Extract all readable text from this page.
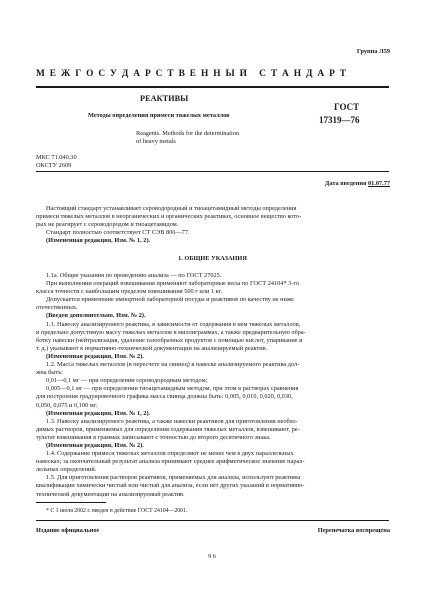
Группа Л59
М Е Ж Г О С У Д А Р С Т В Е Н Н Ы Й   С Т А Н Д А Р Т
РЕАКТИВЫ
Методы определения примеси тяжелых металлов
ГОСТ
17319—76
Reagents. Methods for the determination
of heavy metals
МКС 71.040.30
ОКСТУ 2609
Дата введения 01.07.77
Настоящий стандарт устанавливает сероводородный и тиоацетамидный методы определения
примеси тяжелых металлов в неорганических и органических реактивах, основное вещество кото-
рых не реагирует с сероводородом и тиоацетамидом.
Стандарт полностью соответствует СТ СЭВ 806—77.
(Измененная редакция, Изм. № 1, 2).
1. ОБЩИЕ УКАЗАНИЯ
1.1a. Общие указания по проведению анализа — по ГОСТ 27025.
При выполнении операций взвешивания применяют лабораторные весы по ГОСТ 24104* 3-го
класса точности с наибольшим пределом взвешивания 500 г или 1 кг.
Допускается применение импортной лабораторной посуды и реактивов по качеству не ниже
отечественных.
(Введен дополнительно, Изм. № 2).
1.1. Навеску анализируемого реактива, в зависимости от содержания в нем тяжелых металлов,
и предельно допустимую массу тяжелых металлов в миллиграммах, а также предварительную обра-
ботку навески (нейтрализация, удаление газообразных продуктов с помощью кислот, упаривание и
т. д.) указывают в нормативно-технической документации на анализируемый реактив.
(Измененная редакция, Изм. № 2).
1.2. Масса тяжелых металлов (в пересчете на свинец) в навеске анализируемого реактива дол-
жна быть:
0,01—0,1 мг — при определении сероводородным методом;
0,005—0,1 мг — при определении тиоацетамидным методом, при этом в растворах сравнения
для построения градуировочного графика масса свинца должна быть: 0,005, 0,010, 0,020, 0,030,
0,050, 0,075 и 0,100 мг.
(Измененная редакция, Изм. № 1, 2).
1.3. Навеску анализируемого реактива, а также навески реактивов для приготовления необхо-
димых растворов, применяемых для определения содержания тяжелых металлов, взвешивают, ре-
зультат взвешивания в граммах записывают с точностью до второго десятичного знака.
(Измененная редакция, Изм. № 2).
1.4. Содержание примеси тяжелых металлов определяют не менее чем в двух параллельных
навесках; за окончательный результат анализа принимают среднее арифметическое значение парал-
лельных определений.
1.5. Для приготовления растворов реактивов, применяемых для анализа, используют реактивы
квалификации химически чистый или чистый для анализа, если нет других указаний в нормативно-
технической документации на анализируемый реактив.
* С 1 июля 2002 г. введен в действие ГОСТ 24104—2001.
Издание официальное	Перепечатка воспрещена
9 6
